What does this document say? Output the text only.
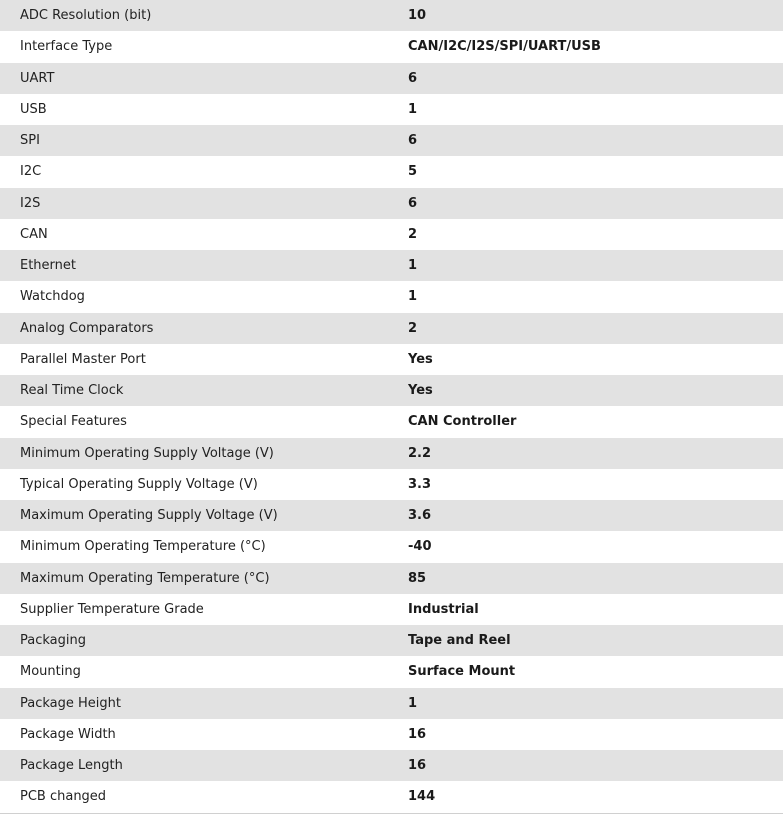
ADC Resolution (bit)	10
Interface Type	CAN/I2C/I2S/SPI/UART/USB
UART	6
USB	1
SPI	6
I2C	5
I2S	6
CAN	2
Ethernet	1
Watchdog	1
Analog Comparators	2
Parallel Master Port	Yes
Real Time Clock	Yes
Special Features	CAN Controller
Minimum Operating Supply Voltage (V)	2.2
Typical Operating Supply Voltage (V)	3.3
Maximum Operating Supply Voltage (V)	3.6
Minimum Operating Temperature (°C)	-40
Maximum Operating Temperature (°C)	85
Supplier Temperature Grade	Industrial
Packaging	Tape and Reel
Mounting	Surface Mount
Package Height	1
Package Width	16
Package Length	16
PCB changed	144
